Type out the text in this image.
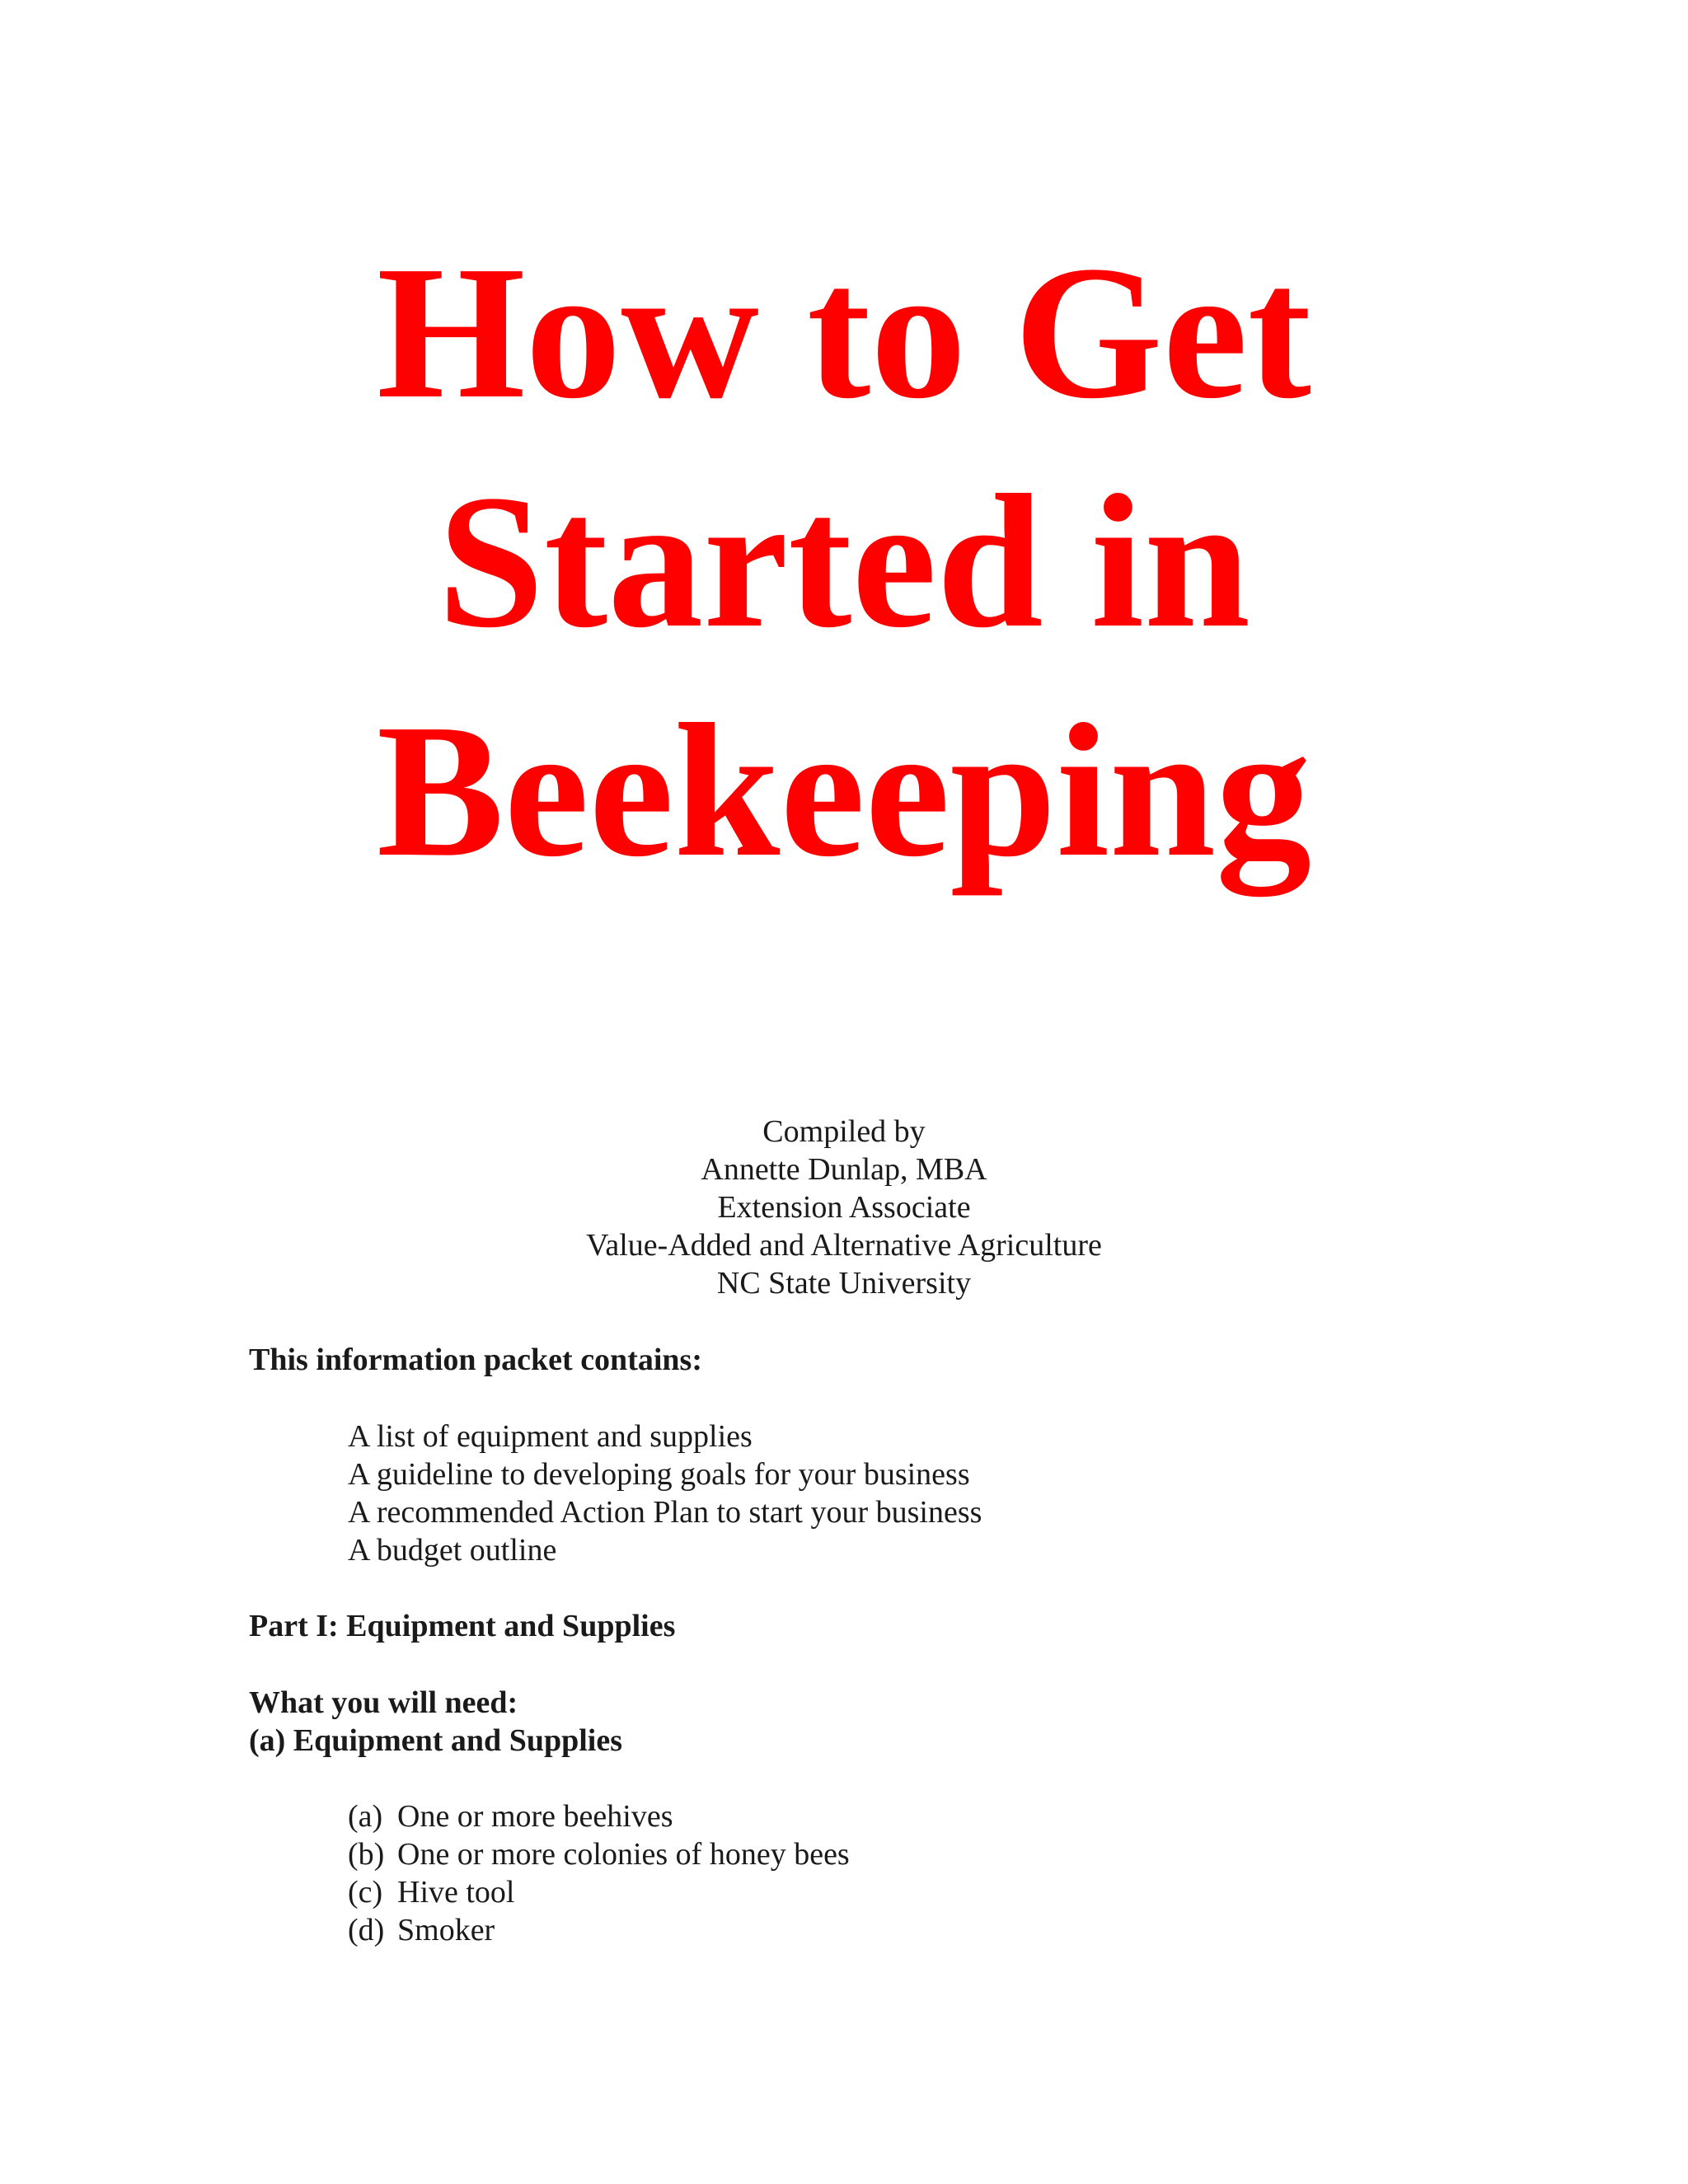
How to Get
Started in
Beekeeping
Compiled by
Annette Dunlap, MBA
Extension Associate
Value-Added and Alternative Agriculture
NC State University
This information packet contains:
A list of equipment and supplies
A guideline to developing goals for your business
A recommended Action Plan to start your business
A budget outline
Part I: Equipment and Supplies
What you will need:
(a) Equipment and Supplies
(a) One or more beehives
(b) One or more colonies of honey bees
(c) Hive tool
(d) Smoker
